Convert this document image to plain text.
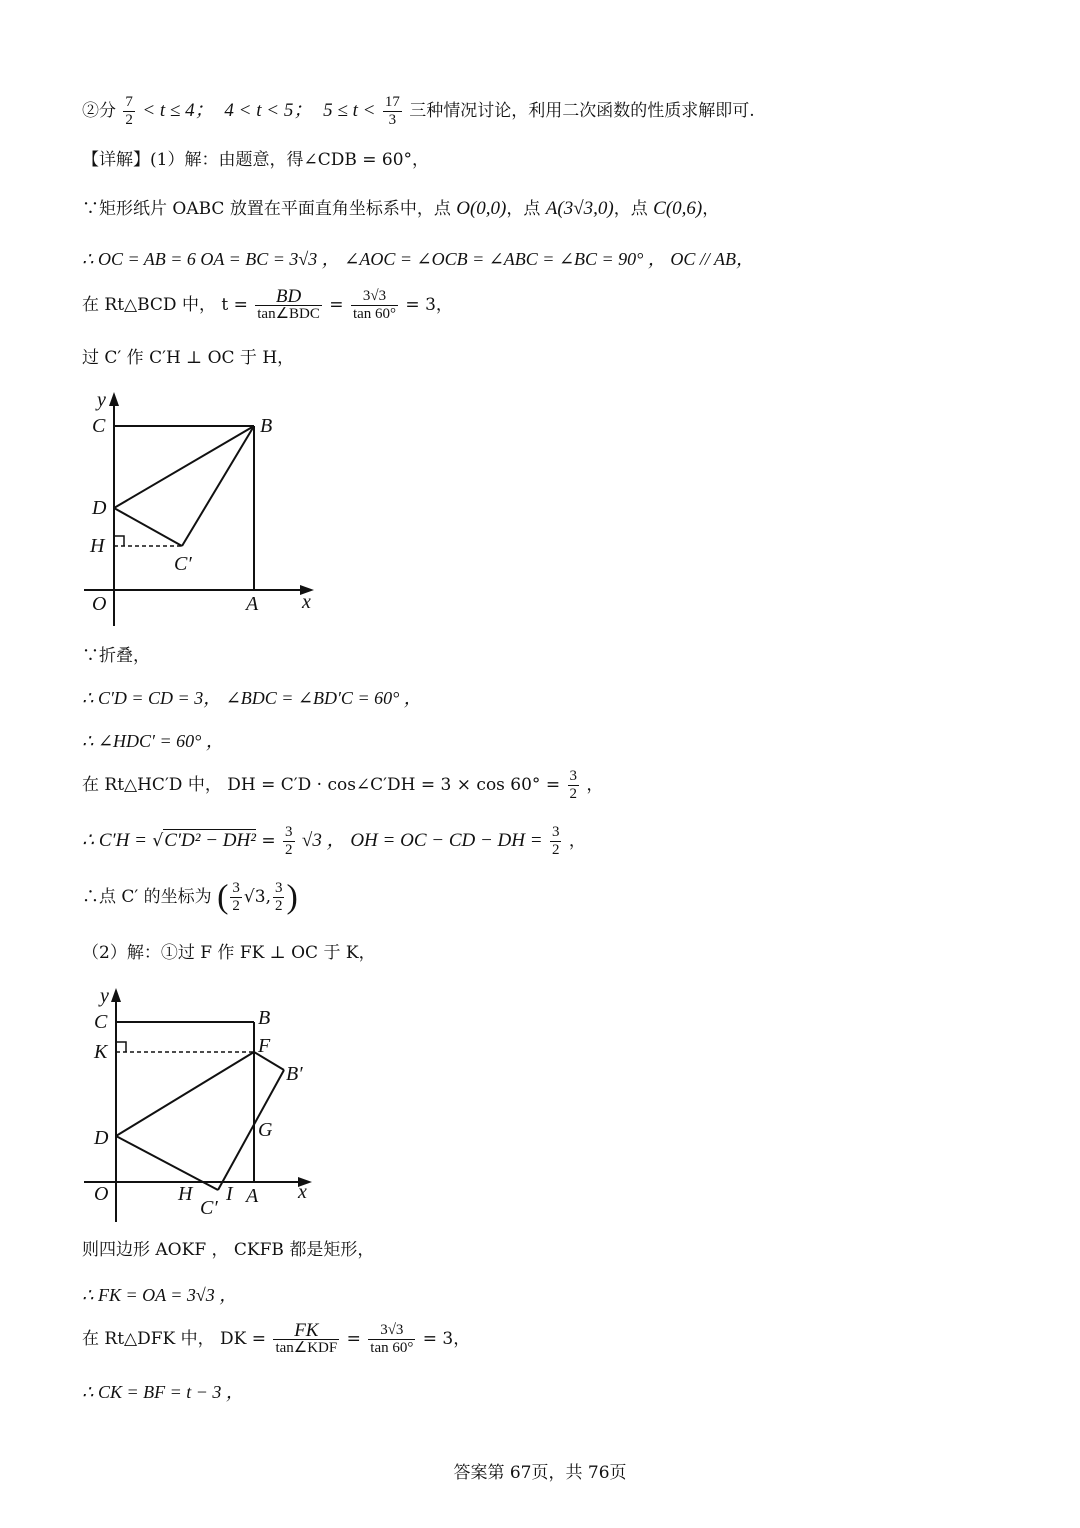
②分 $\frac{7}{2} < t \le 4$； 4 < t < 5； $5 \le t < \frac{17}{3}$ 三种情况讨论，利用二次函数的性质求解即可.
【详解】(1）解：由题意，得∠CDB = 60°，
∵矩形纸片 OABC 放置在平面直角坐标系中，点 O(0,0)，点 A(3√3,0)，点 C(0,6)，
∴ OC = AB = 6 OA = BC = 3√3 ， ∠AOC = ∠OCB = ∠ABC = ∠BC = 90° ， OC // AB，
在 Rt△BCD 中， $t = \frac{BD}{\text{tan∠BDC}} = \frac{3√3}{\tan 60^\circ} = 3$，
过 C′ 作 C′H ⊥ OC 于 H，
y
x
O
C	B
D
H
C′
A
∵折叠，
∴ C′D = CD = 3， ∠BDC = ∠BD′C = 60° ，
∴ ∠HDC′ = 60° ，
在 Rt△HC′D 中， DH = C′D · cos∠C′DH = $3 \times \cos 60^\circ = \frac{3}{2}$ ，
∴ $C'H = √C'D^2 - DH^2 = \frac{3}{2} √3$ ， OH = OC − CD − DH = $\frac{3}{2}$ ，
∴点 C′ 的坐标为 ( $\frac{3}{2} √3$, $\frac{3}{2}$ )
（2）解：①过 F 作 FK ⊥ OC 于 K，
y
x
O
C	B
K	F
B′
D	G
H I
C′
A
则四边形 AOKF ， CKFB 都是矩形，
∴ FK = OA = 3√3 ，
在 Rt△DFK 中， DK = $\frac{FK}{\text{tan∠KDF}} = \frac{3√3}{\tan 60^\circ} = 3$，
∴ CK = BF = t − 3 ，
答案第 67页，共 76页
